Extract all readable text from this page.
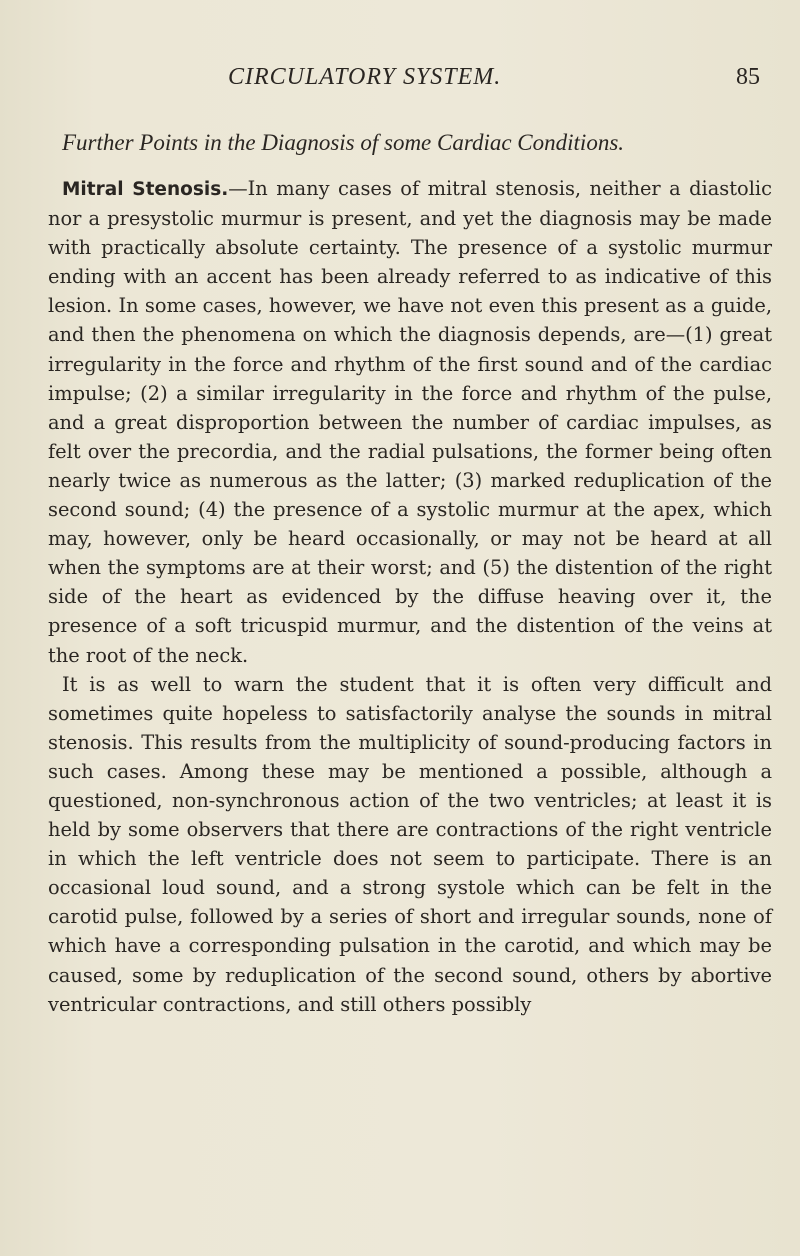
CIRCULATORY SYSTEM.	85
Further Points in the Diagnosis of some Cardiac Conditions.

Mitral Stenosis.—In many cases of mitral stenosis, neither a diastolic nor a presystolic murmur is present, and yet the diagnosis may be made with practically absolute certainty. The presence of a systolic murmur ending with an accent has been already referred to as indicative of this lesion. In some cases, however, we have not even this present as a guide, and then the phenomena on which the diagnosis depends, are—(1) great irregularity in the force and rhythm of the first sound and of the cardiac impulse; (2) a similar irregularity in the force and rhythm of the pulse, and a great disproportion between the number of cardiac impulses, as felt over the precordia, and the radial pulsations, the former being often nearly twice as numerous as the latter; (3) marked reduplication of the second sound; (4) the presence of a systolic murmur at the apex, which may, however, only be heard occasionally, or may not be heard at all when the symptoms are at their worst; and (5) the distention of the right side of the heart as evidenced by the diffuse heaving over it, the presence of a soft tricuspid murmur, and the distention of the veins at the root of the neck.

It is as well to warn the student that it is often very difficult and sometimes quite hopeless to satisfactorily analyse the sounds in mitral stenosis. This results from the multiplicity of sound-producing factors in such cases. Among these may be mentioned a possible, although a questioned, non-synchronous action of the two ventricles; at least it is held by some observers that there are contractions of the right ventricle in which the left ventricle does not seem to participate. There is an occasional loud sound, and a strong systole which can be felt in the carotid pulse, followed by a series of short and irregular sounds, none of which have a corresponding pulsation in the carotid, and which may be caused, some by reduplication of the second sound, others by abortive ventricular contractions, and still others possibly
